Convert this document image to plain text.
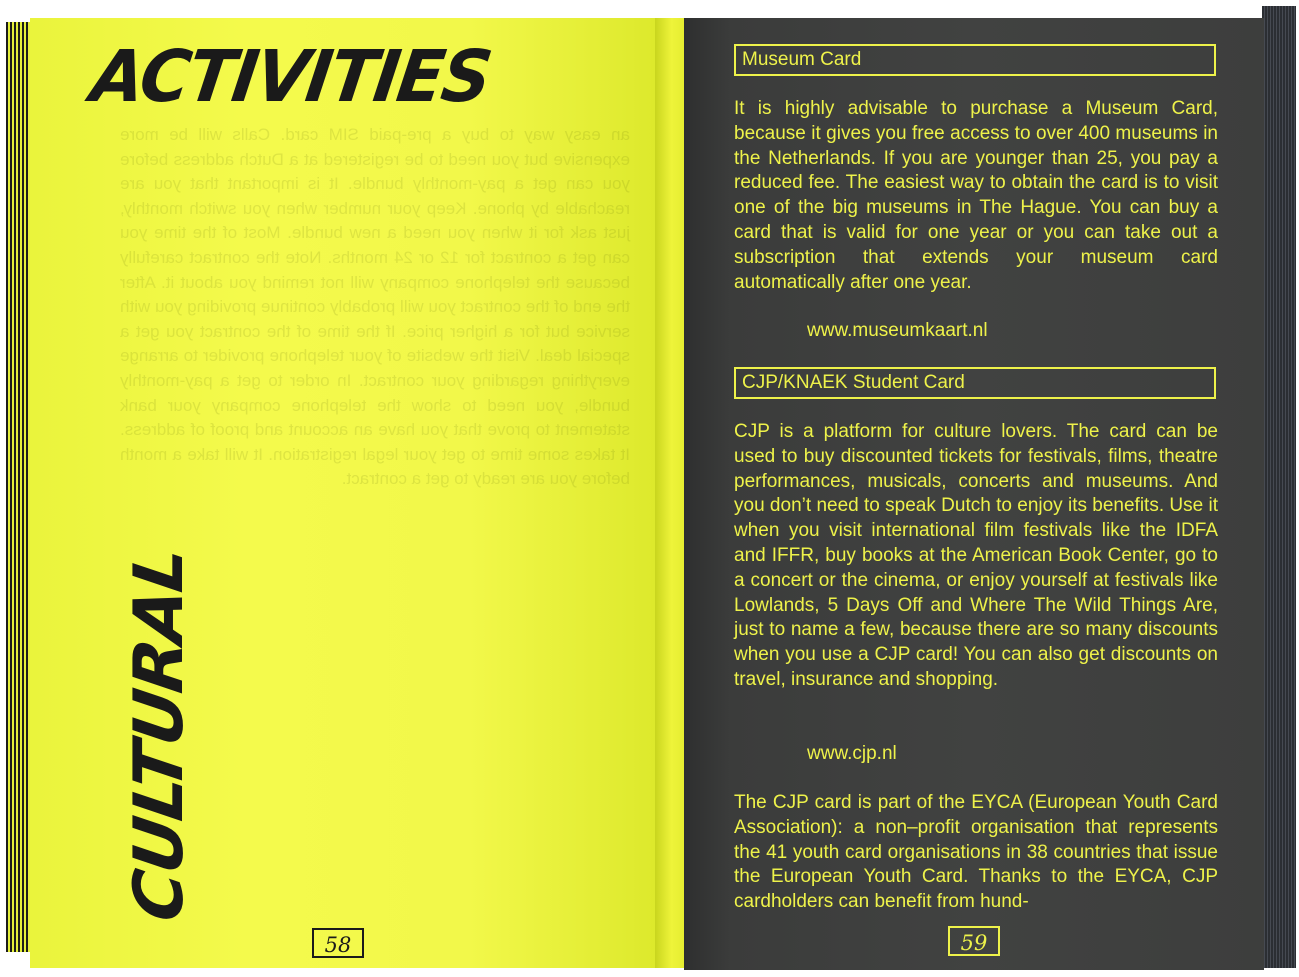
an easy way to buy a pre-paid SIM card. Calls will be more expensive but you need to be registered at a Dutch address before you can get a pay-monthly bundle. It is important that you are reachable by phone. Keep your number when you switch monthly, just ask for it when you need a new bundle. Most of the time you can get a contract for 12 or 24 months. Note the contract carefully because the telephone company will not remind you about it. After the end of the contract you will probably continue providing you with service but for a higher price. If the time of the contract you get a special deal. Visit the website of your telephone provider to arrange everything regarding your contract. In order to get a pay-monthly bundle, you need to show the telephone company your bank statement to prove that you have an account and proof of address. It takes some time to get your legal registration. It will take a month before you are ready to get a contract.
ACTIVITIES
CULTURAL
58
Museum Card

It is highly advisable to purchase a Museum Card, because it gives you free access to over 400 museums in the Netherlands. If you are younger than 25, you pay a reduced fee. The easiest way to obtain the card is to visit one of the big museums in The Hague. You can buy a card that is valid for one year or you can take out a subscription that extends your museum card automatically after one year.

www.museumkaart.nl
CJP/KNAEK Student Card

CJP is a platform for culture lovers. The card can be used to buy discounted tickets for festivals, films, theatre performances, musicals, concerts and museums. And you don’t need to speak Dutch to enjoy its benefits. Use it when you visit international film festivals like the IDFA and IFFR, buy books at the American Book Center, go to a concert or the cinema, or enjoy yourself at festivals like Lowlands, 5 Days Off and Where The Wild Things Are, just to name a few, because there are so many discounts when you use a CJP card! You can also get discounts on travel, insurance and shopping.

www.cjp.nl

The CJP card is part of the EYCA (European Youth Card Association): a non–profit organisation that represents the 41 youth card organisations in 38 countries that issue the European Youth Card. Thanks to the EYCA, CJP cardholders can benefit from hund-

59
